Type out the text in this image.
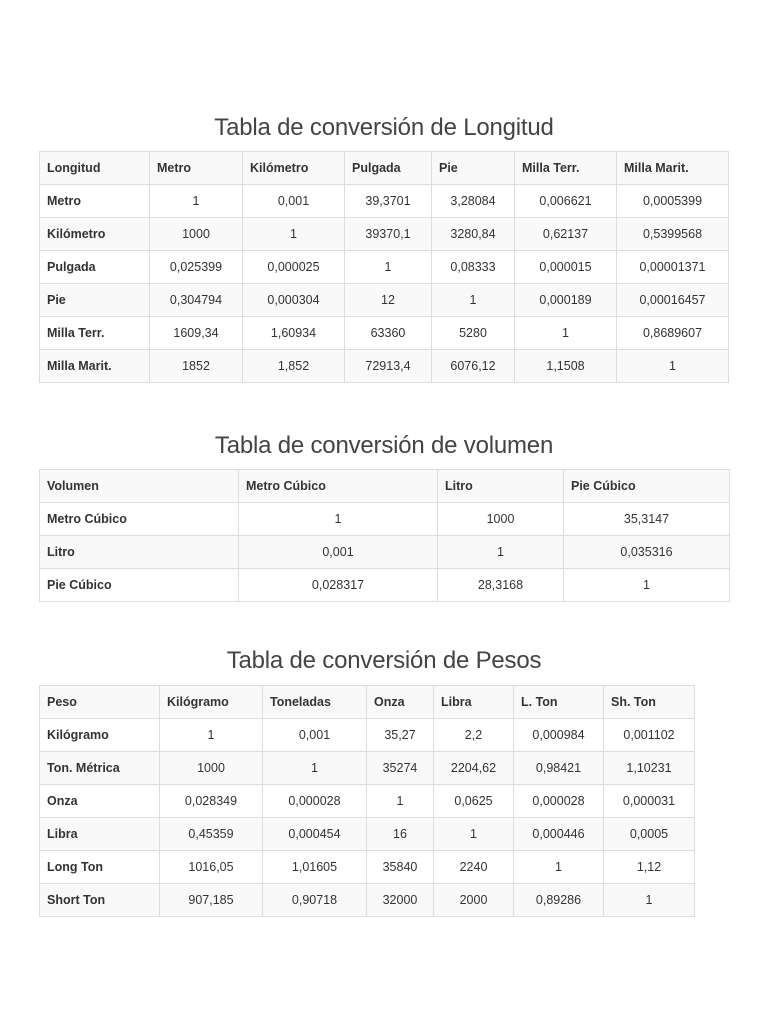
Tabla de conversión de Longitud
Longitud	Metro	Kilómetro	Pulgada	Pie	Milla Terr.	Milla Marit.
Metro	1	0,001	39,3701	3,28084	0,006621	0,0005399
Kilómetro	1000	1	39370,1	3280,84	0,62137	0,5399568
Pulgada	0,025399	0,000025	1	0,08333	0,000015	0,00001371
Pie	0,304794	0,000304	12	1	0,000189	0,00016457
Milla Terr.	1609,34	1,60934	63360	5280	1	0,8689607
Milla Marit.	1852	1,852	72913,4	6076,12	1,1508	1
Tabla de conversión de volumen
Volumen	Metro Cúbico	Litro	Pie Cúbico
Metro Cúbico	1	1000	35,3147
Litro	0,001	1	0,035316
Pie Cúbico	0,028317	28,3168	1
Tabla de conversión de Pesos
Peso	Kilógramo	Toneladas	Onza	Libra	L. Ton	Sh. Ton
Kilógramo	1	0,001	35,27	2,2	0,000984	0,001102
Ton. Métrica	1000	1	35274	2204,62	0,98421	1,10231
Onza	0,028349	0,000028	1	0,0625	0,000028	0,000031
Libra	0,45359	0,000454	16	1	0,000446	0,0005
Long Ton	1016,05	1,01605	35840	2240	1	1,12
Short Ton	907,185	0,90718	32000	2000	0,89286	1
